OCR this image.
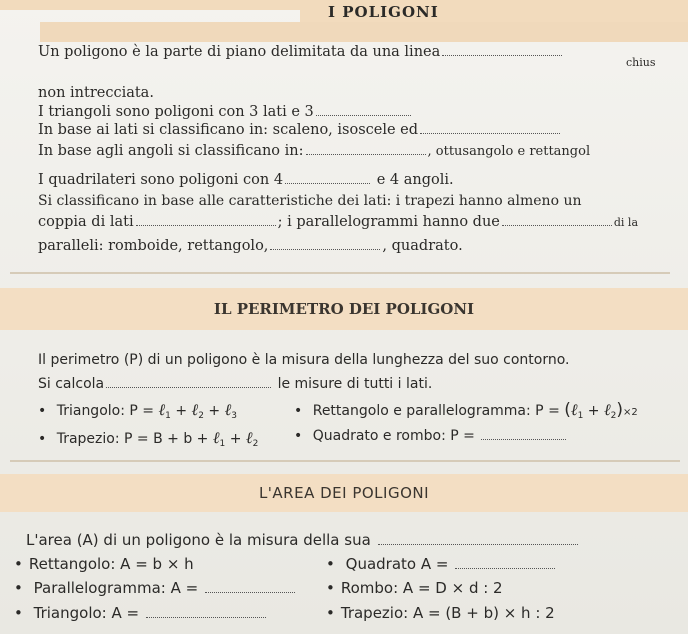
I POLIGONI
Un poligono è la parte di piano delimitata da una linea
chius
non intrecciata.
I triangoli sono poligoni con 3 lati e 3
In base ai lati si classificano in: scaleno, isoscele ed
In base agli angoli si classificano in:	, ottusangolo e rettangol
I quadrilateri sono poligoni con 4	e 4 angoli.
Si classificano in base alle caratteristiche dei lati: i trapezi hanno almeno un
coppia di lati	; i parallelogrammi hanno due	di la
paralleli: romboide, rettangolo,	, quadrato.
IL PERIMETRO DEI POLIGONI
Il perimetro (P) di un poligono è la misura della lunghezza del suo contorno.
Si calcola	le misure di tutti i lati.
• Triangolo: P = ℓ$_1$ + ℓ$_2$ + ℓ$_3$	• Rettangolo e parallelogramma: P = (ℓ$_1$ + ℓ$_2$)×2
• Trapezio: P = B + b + ℓ$_1$ + ℓ$_2$	• Quadrato e rombo: P =
L'AREA DEI POLIGONI
L'area (A) di un poligono è la misura della sua
• Rettangolo: A = b × h	• Quadrato A =
• Parallelogramma: A =	• Rombo: A = D × d : 2
• Triangolo: A =	• Trapezio: A = (B + b) × h : 2
